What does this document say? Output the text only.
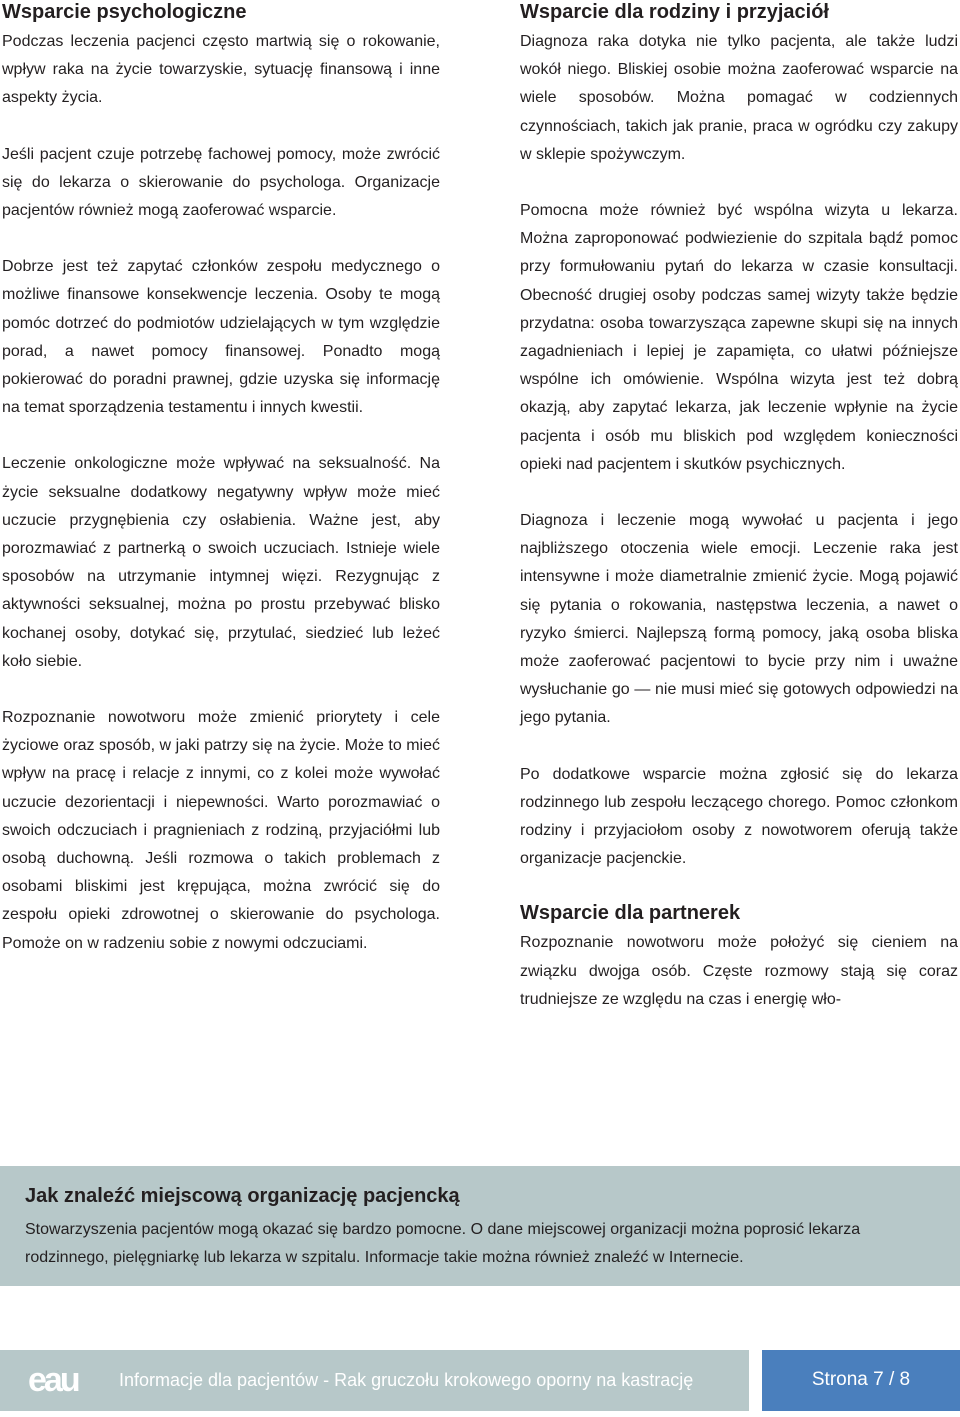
Wsparcie psychologiczne

Podczas leczenia pacjenci często martwią się o rokowanie, wpływ raka na życie towarzyskie, sytuację finansową i inne aspekty życia.

Jeśli pacjent czuje potrzebę fachowej pomocy, może zwrócić się do lekarza o skierowanie do psychologa. Organizacje pacjentów również mogą zaoferować wsparcie.

Dobrze jest też zapytać członków zespołu medycznego o możliwe finansowe konsekwencje leczenia. Osoby te mogą pomóc dotrzeć do podmiotów udzielających w tym względzie porad, a nawet pomocy finansowej. Ponadto mogą pokierować do poradni prawnej, gdzie uzyska się informację na temat sporządzenia testamentu i innych kwestii.

Leczenie onkologiczne może wpływać na seksualność. Na życie seksualne dodatkowy negatywny wpływ może mieć uczucie przygnębienia czy osłabienia. Ważne jest, aby porozmawiać z partnerką o swoich uczuciach. Istnieje wiele sposobów na utrzymanie intymnej więzi. Rezygnując z aktywności seksualnej, można po prostu przebywać blisko kochanej osoby, dotykać się, przytulać, siedzieć lub leżeć koło siebie.

Rozpoznanie nowotworu może zmienić priorytety i cele życiowe oraz sposób, w jaki patrzy się na życie. Może to mieć wpływ na pracę i relacje z innymi, co z kolei może wywołać uczucie dezorientacji i niepewności. Warto porozmawiać o swoich odczuciach i pragnieniach z rodziną, przyjaciółmi lub osobą duchowną. Jeśli rozmowa o takich problemach z osobami bliskimi jest krępująca, można zwrócić się do zespołu opieki zdrowotnej o skierowanie do psychologa. Pomoże on w radzeniu sobie z nowymi odczuciami.

Wsparcie dla rodziny i przyjaciół

Diagnoza raka dotyka nie tylko pacjenta, ale także ludzi wokół niego. Bliskiej osobie można zaoferować wsparcie na wiele sposobów. Można pomagać w codziennych czynnościach, takich jak pranie, praca w ogródku czy zakupy w sklepie spożywczym.

Pomocna może również być wspólna wizyta u lekarza. Można zaproponować podwiezienie do szpitala bądź pomoc przy formułowaniu pytań do lekarza w czasie konsultacji. Obecność drugiej osoby podczas samej wizyty także będzie przydatna: osoba towarzysząca zapewne skupi się na innych zagadnieniach i lepiej je zapamięta, co ułatwi późniejsze wspólne ich omówienie. Wspólna wizyta jest też dobrą okazją, aby zapytać lekarza, jak leczenie wpłynie na życie pacjenta i osób mu bliskich pod względem konieczności opieki nad pacjentem i skutków psychicznych.

Diagnoza i leczenie mogą wywołać u pacjenta i jego najbliższego otoczenia wiele emocji. Leczenie raka jest intensywne i może diametralnie zmienić życie. Mogą pojawić się pytania o rokowania, następstwa leczenia, a nawet o ryzyko śmierci. Najlepszą formą pomocy, jaką osoba bliska może zaoferować pacjentowi to bycie przy nim i uważne wysłuchanie go — nie musi mieć się gotowych odpowiedzi na jego pytania.

Po dodatkowe wsparcie można zgłosić się do lekarza rodzinnego lub zespołu leczącego chorego. Pomoc członkom rodziny i przyjaciołom osoby z nowotworem oferują także organizacje pacjenckie.

Wsparcie dla partnerek

Rozpoznanie nowotworu może położyć się cieniem na związku dwojga osób. Częste rozmowy stają się coraz trudniejsze ze względu na czas i energię wło-

Jak znaleźć miejscową organizację pacjencką

Stowarzyszenia pacjentów mogą okazać się bardzo pomocne. O dane miejscowej organizacji można poprosić lekarza rodzinnego, pielęgniarkę lub lekarza w szpitalu. Informacje takie można również znaleźć w Internecie.

eau Informacje dla pacjentów - Rak gruczołu krokowego oporny na kastrację	Strona 7 / 8
